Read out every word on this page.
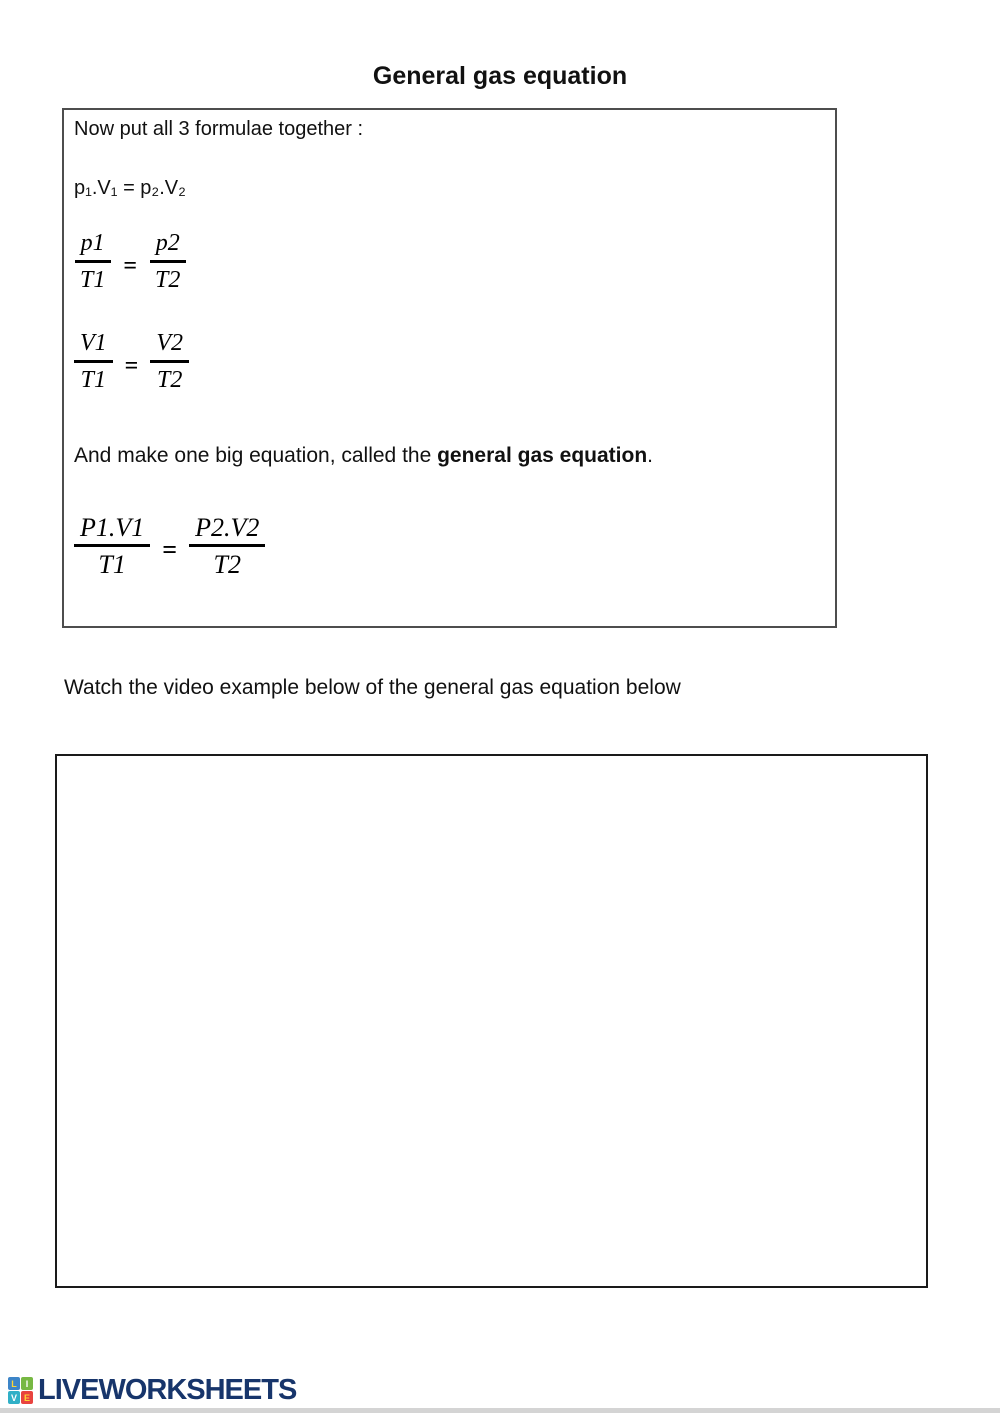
General gas equation
Now put all 3 formulae together :
p₁.V₁ = p₂.V₂
$\frac{p1}{T1} = \frac{p2}{T2}$
$\frac{V1}{T1} = \frac{V2}{T2}$
And make one big equation, called the general gas equation.
$\frac{P1.V1}{T1} = \frac{P2.V2}{T2}$
Watch the video example below of the general gas equation below
L I
V E LIVEWORKSHEETS
